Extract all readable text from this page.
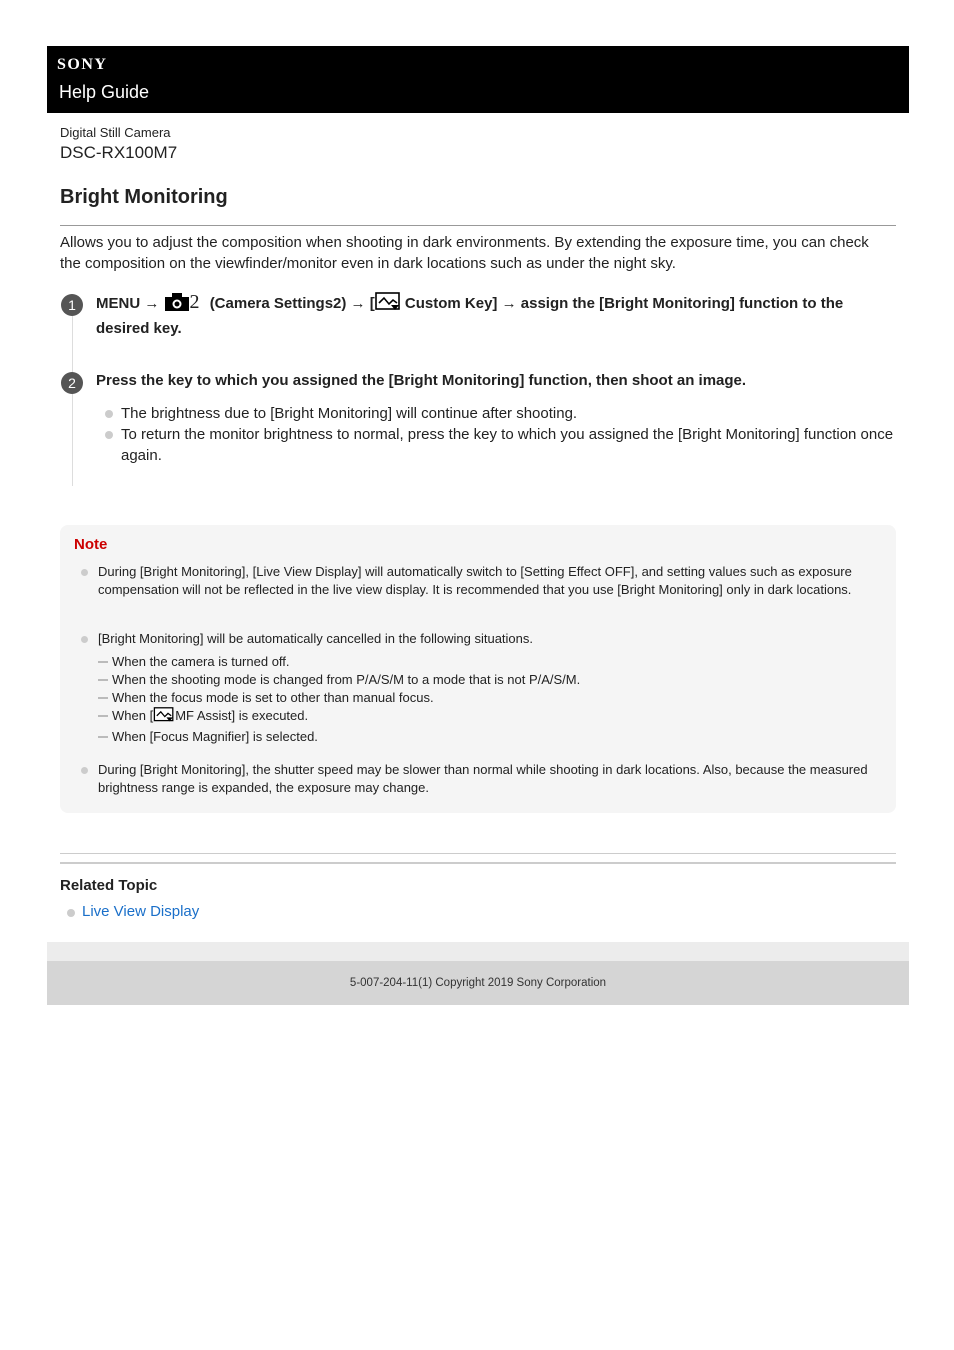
SONY
Help Guide
Digital Still Camera
DSC-RX100M7
Bright Monitoring
Allows you to adjust the composition when shooting in dark environments. By extending the exposure time, you can check the composition on the viewfinder/monitor even in dark locations such as under the night sky.
1	MENU → 2 (Camera Settings2) → [ Custom Key] → assign the [Bright Monitoring] function to the desired key.
2	Press the key to which you assigned the [Bright Monitoring] function, then shoot an image.
The brightness due to [Bright Monitoring] will continue after shooting.
To return the monitor brightness to normal, press the key to which you assigned the [Bright Monitoring] function once again.
Note
During [Bright Monitoring], [Live View Display] will automatically switch to [Setting Effect OFF], and setting values such as exposure compensation will not be reflected in the live view display. It is recommended that you use [Bright Monitoring] only in dark locations.
[Bright Monitoring] will be automatically cancelled in the following situations.
When the camera is turned off.
When the shooting mode is changed from P/A/S/M to a mode that is not P/A/S/M.
When the focus mode is set to other than manual focus.
When [ MF Assist] is executed.
When [Focus Magnifier] is selected.
During [Bright Monitoring], the shutter speed may be slower than normal while shooting in dark locations. Also, because the measured brightness range is expanded, the exposure may change.
Related Topic
Live View Display
5-007-204-11(1) Copyright 2019 Sony Corporation
